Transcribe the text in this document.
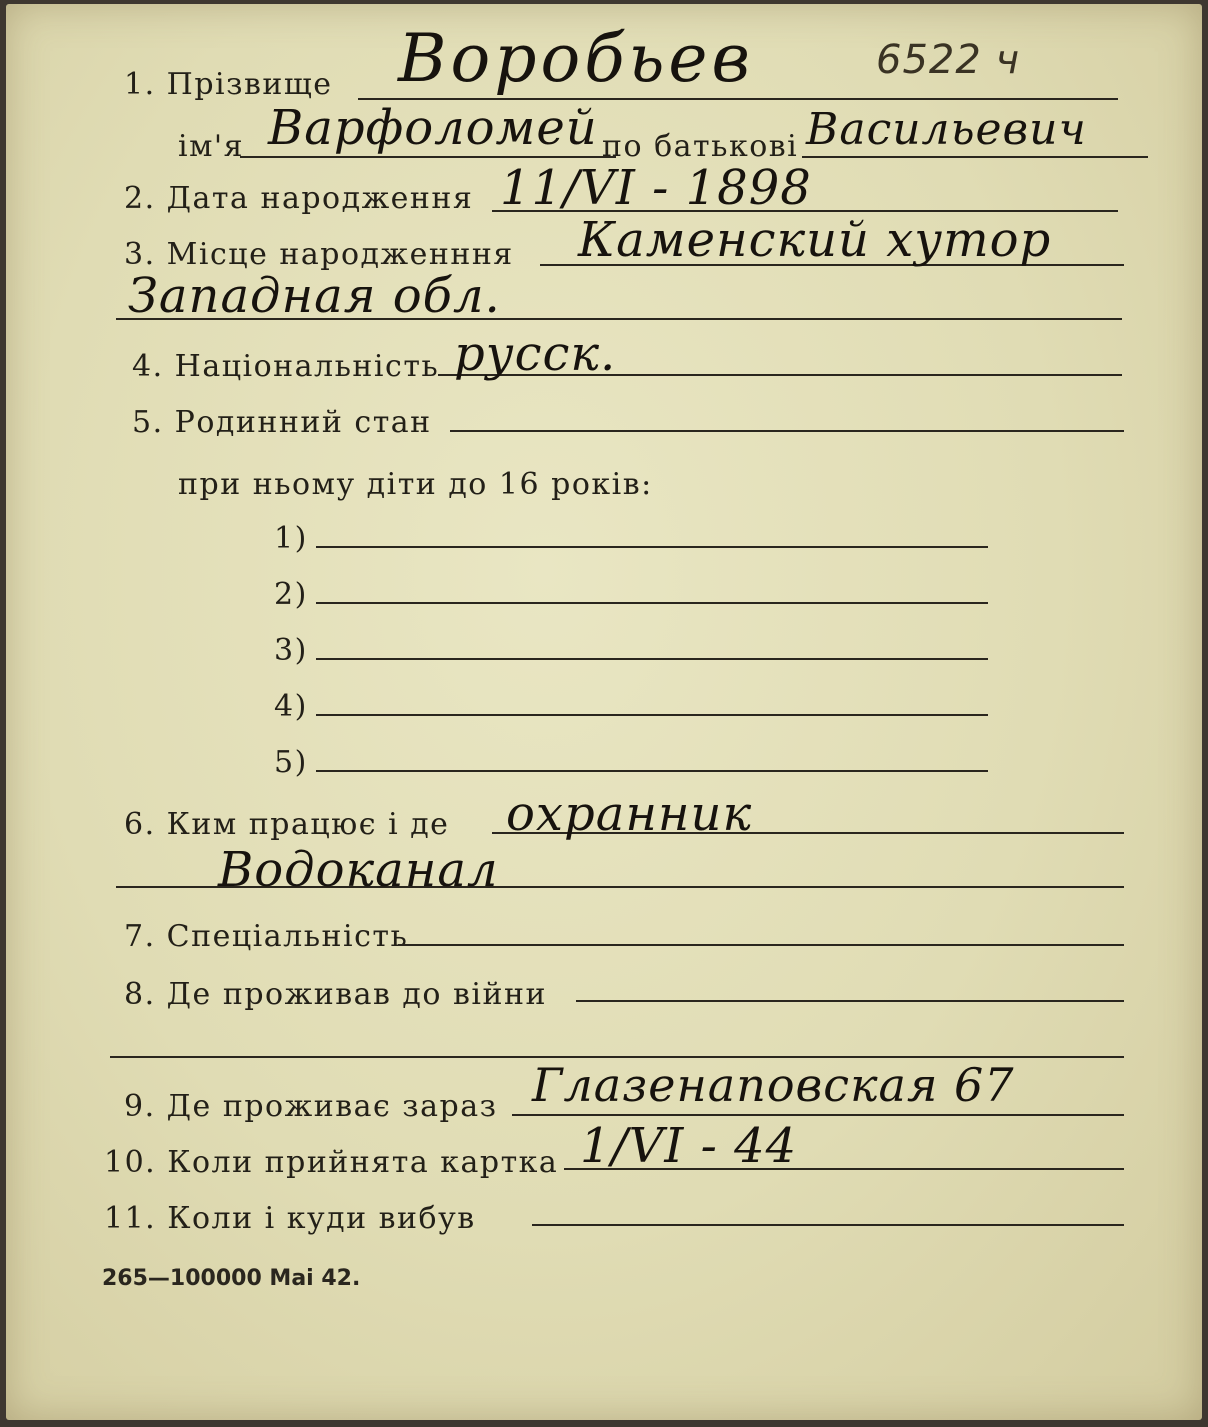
6522 ч
1. Прізвище Воробьев
ім'я Варфоломей по батькові Васильевич
2. Дата народження 11/VI - 1898
3. Місце народженння Каменский хутор
Западная обл.
4. Національність русск.
5. Родинний стан
при ньому діти до 16 років:
1)
2)
3)
4)
5)
6. Ким працює і де охранник
Водоканал
7. Спеціальність
8. Де проживав до війни
9. Де проживає зараз Глазенаповская 67
10. Коли прийнята картка 1/VI - 44
11. Коли і куди вибув
265—100000 Mai 42.
